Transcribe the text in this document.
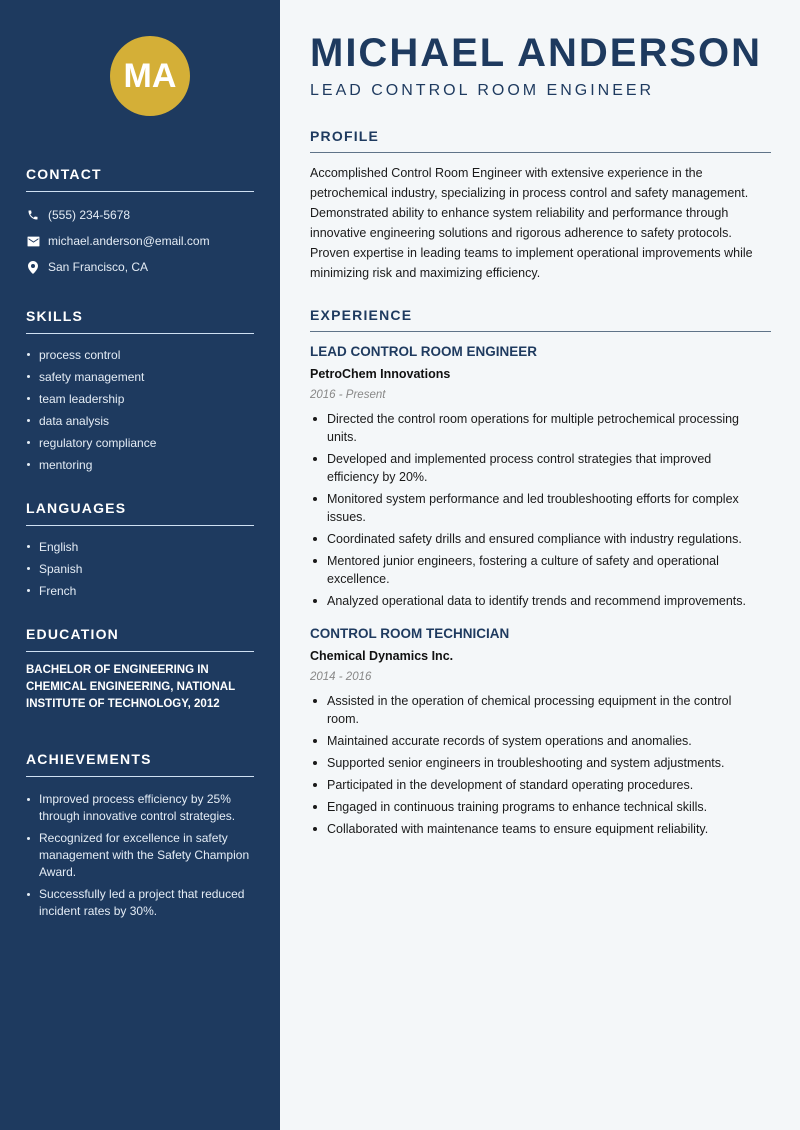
MA
CONTACT
(555) 234-5678
michael.anderson@email.com
San Francisco, CA
SKILLS
process control
safety management
team leadership
data analysis
regulatory compliance
mentoring
LANGUAGES
English
Spanish
French
EDUCATION

BACHELOR OF ENGINEERING IN CHEMICAL ENGINEERING, NATIONAL INSTITUTE OF TECHNOLOGY, 2012

ACHIEVEMENTS
Improved process efficiency by 25% through innovative control strategies.
Recognized for excellence in safety management with the Safety Champion Award.
Successfully led a project that reduced incident rates by 30%.
MICHAEL ANDERSON
LEAD CONTROL ROOM ENGINEER
PROFILE

Accomplished Control Room Engineer with extensive experience in the petrochemical industry, specializing in process control and safety management. Demonstrated ability to enhance system reliability and performance through innovative engineering solutions and rigorous adherence to safety protocols. Proven expertise in leading teams to implement operational improvements while minimizing risk and maximizing efficiency.

EXPERIENCE
LEAD CONTROL ROOM ENGINEER
PetroChem Innovations
2016 - Present
Directed the control room operations for multiple petrochemical processing units.
Developed and implemented process control strategies that improved efficiency by 20%.
Monitored system performance and led troubleshooting efforts for complex issues.
Coordinated safety drills and ensured compliance with industry regulations.
Mentored junior engineers, fostering a culture of safety and operational excellence.
Analyzed operational data to identify trends and recommend improvements.
CONTROL ROOM TECHNICIAN
Chemical Dynamics Inc.
2014 - 2016
Assisted in the operation of chemical processing equipment in the control room.
Maintained accurate records of system operations and anomalies.
Supported senior engineers in troubleshooting and system adjustments.
Participated in the development of standard operating procedures.
Engaged in continuous training programs to enhance technical skills.
Collaborated with maintenance teams to ensure equipment reliability.
